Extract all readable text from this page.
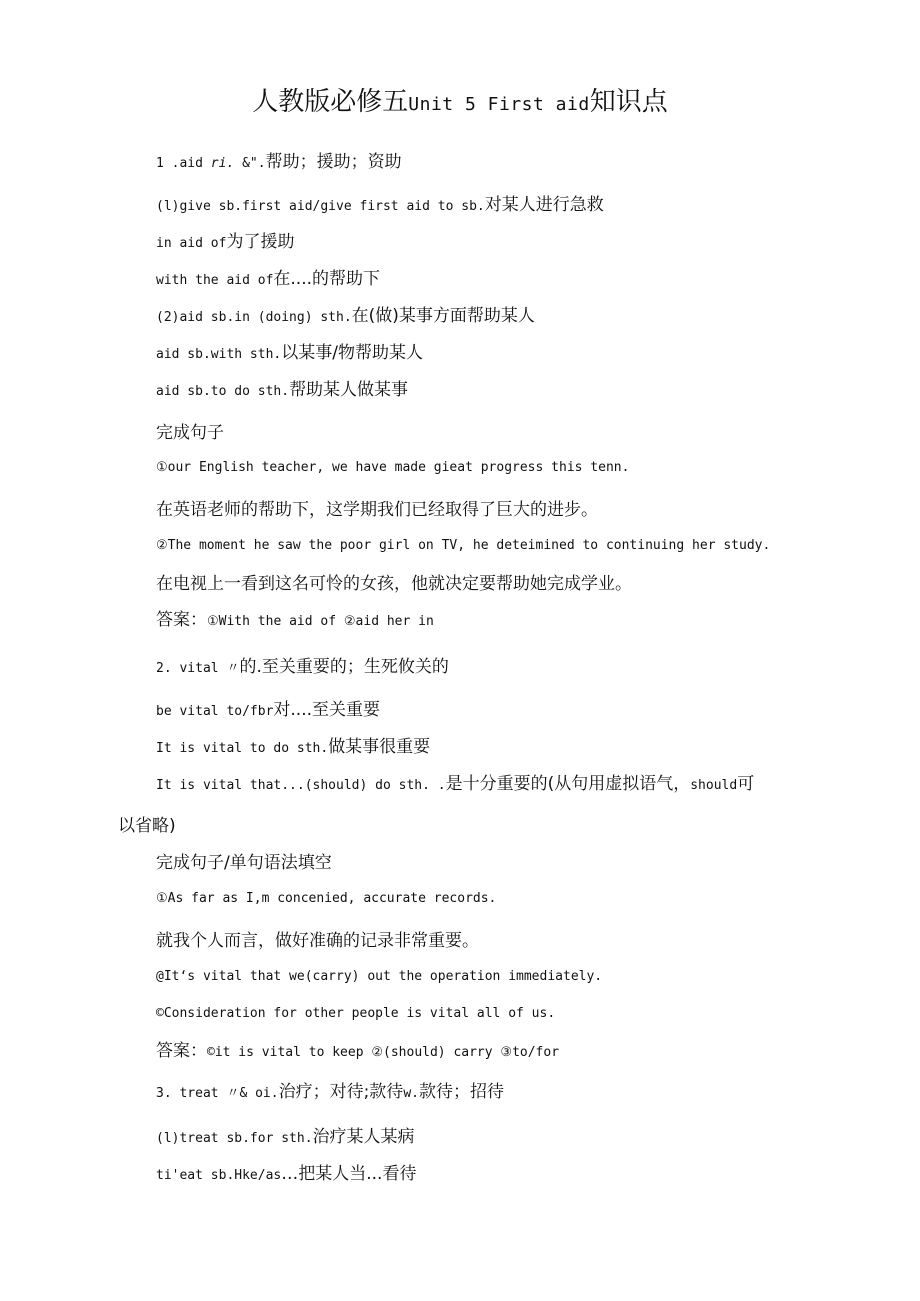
人教版必修五Unit 5 First aid知识点
1 .aid ri. &".帮助；援助；资助
(l)give sb.first aid/give first aid to sb.对某人进行急救
in aid of为了援助
with the aid of在....的帮助下
(2)aid sb.in (doing) sth.在(做)某事方面帮助某人
aid sb.with sth.以某事/物帮助某人
aid sb.to do sth.帮助某人做某事
完成句子
①our English teacher, we have made gieat progress this tenn.
在英语老师的帮助下，这学期我们已经取得了巨大的进步。
②The moment he saw the poor girl on TV, he deteimined to continuing her study.
在电视上一看到这名可怜的女孩，他就决定要帮助她完成学业。
答案：①With the aid of ②aid her in
2. vital 〃的.至关重要的；生死攸关的
be vital to/fbr对....至关重要
It is vital to do sth.做某事很重要
It is vital that...(should) do sth. .是十分重要的(从句用虚拟语气，should可
以省略)
完成句子/单句语法填空
①As far as I,m concenied, accurate records.
就我个人而言，做好准确的记录非常重要。
@It‘s vital that we(carry) out the operation immediately.
©Consideration for other people is vital all of us.
答案：©it is vital to keep ②(should) carry ③to/for
3. treat 〃& oi.治疗；对待;款待w.款待；招待
(l)treat sb.for sth.治疗某人某病
ti'eat sb.Hke/as…把某人当...看待
